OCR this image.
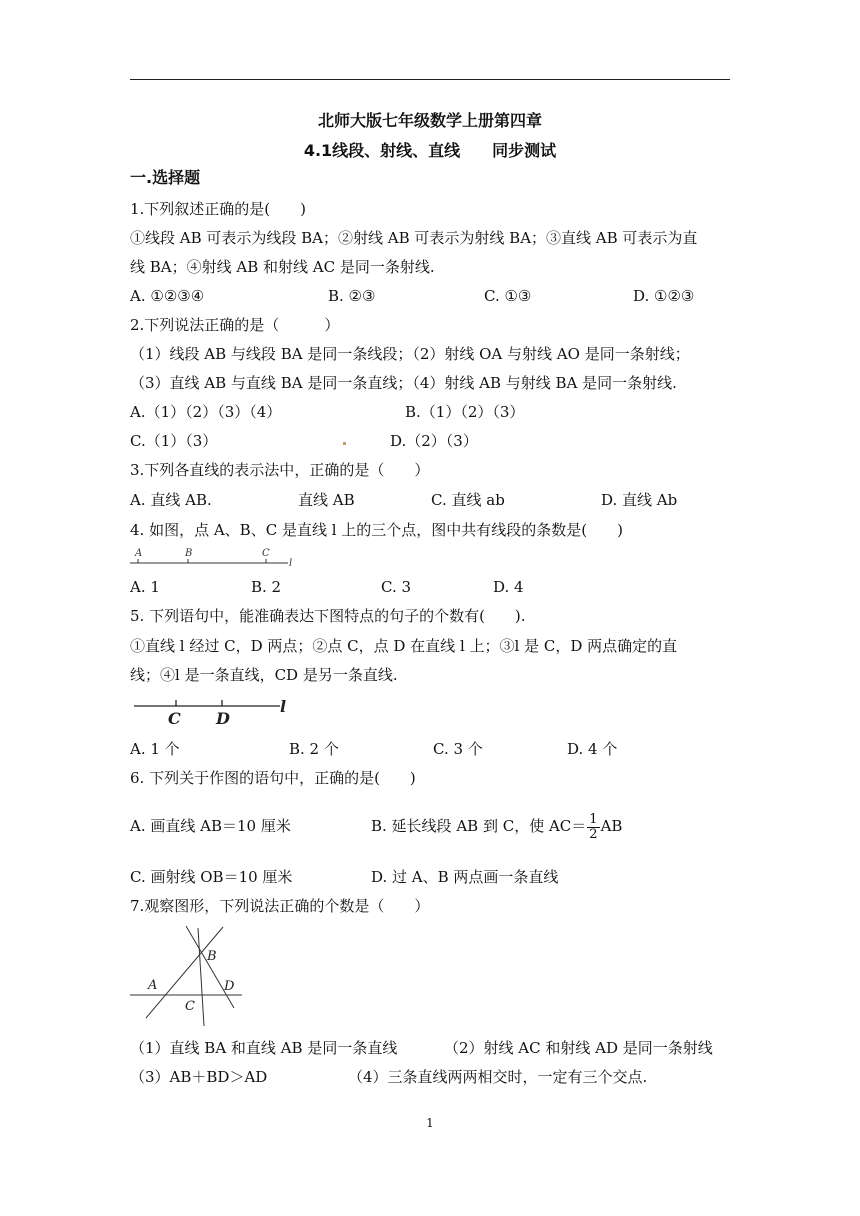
北师大版七年级数学上册第四章
4.1线段、射线、直线　　同步测试
一.选择题
1.下列叙述正确的是(　　)
①线段 AB 可表示为线段 BA；②射线 AB 可表示为射线 BA；③直线 AB 可表示为直
线 BA；④射线 AB 和射线 AC 是同一条射线.
A. ①②③④	B. ②③	C. ①③	D. ①②③
2.下列说法正确的是（　　　）
（1）线段 AB 与线段 BA 是同一条线段；（2）射线 OA 与射线 AO 是同一条射线；
（3）直线 AB 与直线 BA 是同一条直线；（4）射线 AB 与射线 BA 是同一条射线.
A.（1）（2）（3）（4）	B.（1）（2）（3）
C.（1）（3）	D.（2）（3）
3.下列各直线的表示法中，正确的是（　　）
A. 直线 AB.	直线 AB	C. 直线 ab	D. 直线 Ab
4. 如图，点 A、B、C 是直线 l 上的三个点，图中共有线段的条数是(　　)
A	B	C
l
A. 1	B. 2	C. 3	D. 4
5. 下列语句中，能准确表达下图特点的句子的个数有(　　).
①直线 l 经过 C，D 两点；②点 C，点 D 在直线 l 上；③l 是 C，D 两点确定的直
线；④l 是一条直线，CD 是另一条直线.
C D
l
A. 1 个	B. 2 个	C. 3 个	D. 4 个
6. 下列关于作图的语句中，正确的是(　　)
A. 画直线 AB＝10 厘米	B. 延长线段 AB 到 C，使 $AC= \frac{1}{2}$ AB
C. 画射线 OB＝10 厘米	D. 过 A、B 两点画一条直线
7.观察图形，下列说法正确的个数是（　　）
B
A	D
C
（1）直线 BA 和直线 AB 是同一条直线	（2）射线 AC 和射线 AD 是同一条射线
（3）AB＋BD＞AD	（4）三条直线两两相交时，一定有三个交点.
1
